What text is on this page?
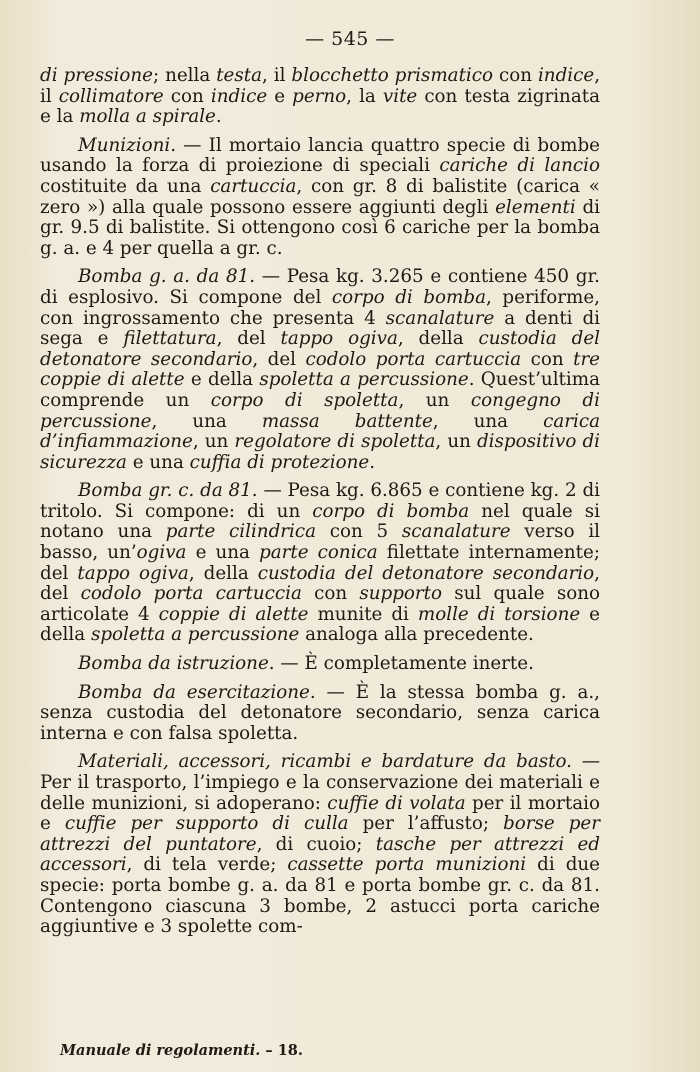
— 545 —

di pressione; nella testa, il blocchetto prismatico con indice, il collimatore con indice e perno, la vite con testa zigrinata e la molla a spirale.

Munizioni. — Il mortaio lancia quattro specie di bombe usando la forza di proiezione di speciali cariche di lancio costituite da una cartuccia, con gr. 8 di balistite (carica « zero ») alla quale possono essere aggiunti degli elementi di gr. 9.5 di balistite. Si ottengono così 6 cariche per la bomba g. a. e 4 per quella a gr. c.

Bomba g. a. da 81. — Pesa kg. 3.265 e contiene 450 gr. di esplosivo. Si compone del corpo di bomba, periforme, con ingrossamento che presenta 4 scanalature a denti di sega e filettatura, del tappo ogiva, della custodia del detonatore secondario, del codolo porta cartuccia con tre coppie di alette e della spoletta a percussione. Quest’ultima comprende un corpo di spoletta, un congegno di percussione, una massa battente, una carica d’infiammazione, un regolatore di spoletta, un dispositivo di sicurezza e una cuffia di protezione.

Bomba gr. c. da 81. — Pesa kg. 6.865 e contiene kg. 2 di tritolo. Si compone: di un corpo di bomba nel quale si notano una parte cilindrica con 5 scanalature verso il basso, un’ogiva e una parte conica filettate internamente; del tappo ogiva, della custodia del detonatore secondario, del codolo porta cartuccia con supporto sul quale sono articolate 4 coppie di alette munite di molle di torsione e della spoletta a percussione analoga alla precedente.

Bomba da istruzione. — È completamente inerte.

Bomba da esercitazione. — È la stessa bomba g. a., senza custodia del detonatore secondario, senza carica interna e con falsa spoletta.

Materiali, accessori, ricambi e bardature da basto. — Per il trasporto, l’impiego e la conservazione dei materiali e delle munizioni, si adoperano: cuffie di volata per il mortaio e cuffie per supporto di culla per l’affusto; borse per attrezzi del puntatore, di cuoio; tasche per attrezzi ed accessori, di tela verde; cassette porta munizioni di due specie: porta bombe g. a. da 81 e porta bombe gr. c. da 81. Contengono ciascuna 3 bombe, 2 astucci porta cariche aggiuntive e 3 spolette com-

Manuale di regolamenti. – 18.
